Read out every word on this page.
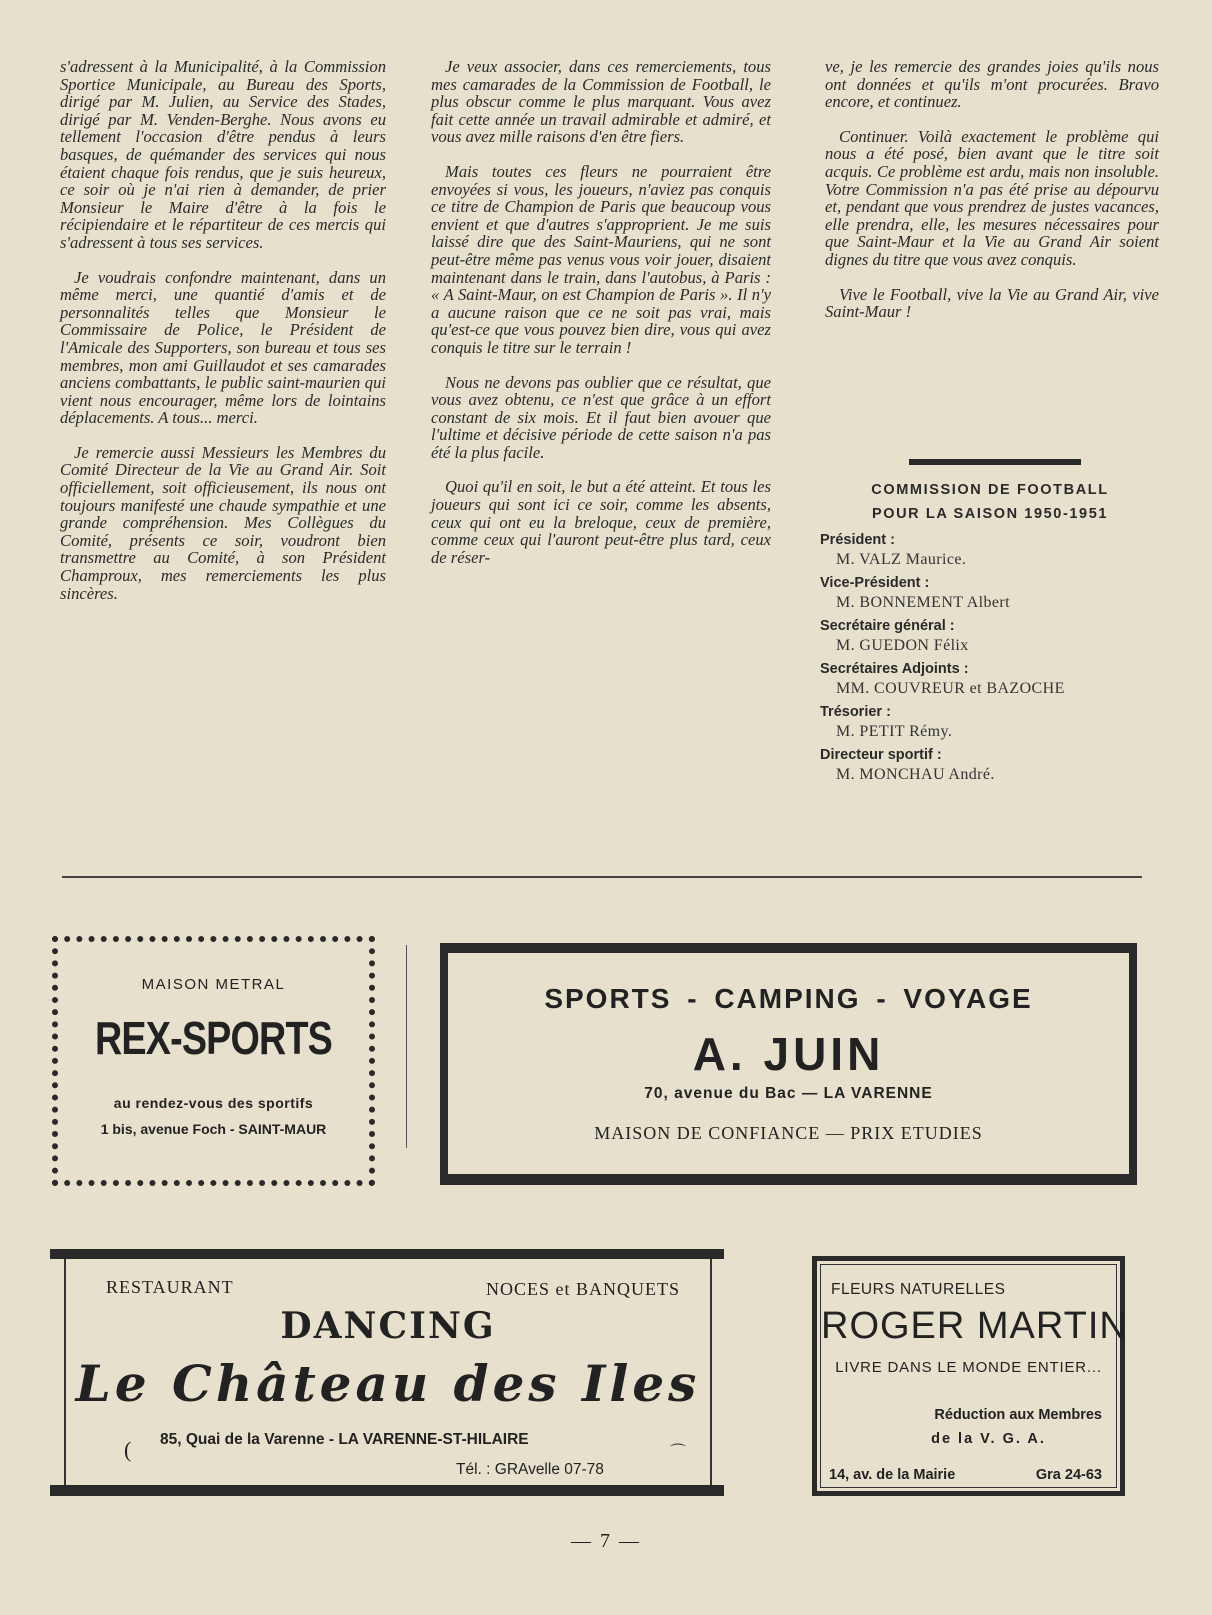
s'adressent à la Municipalité, à la Commission Sportice Municipale, au Bureau des Sports, dirigé par M. Julien, au Service des Stades, dirigé par M. Venden-Berghe. Nous avons eu tellement l'occasion d'être pendus à leurs basques, de quémander des services qui nous étaient chaque fois rendus, que je suis heureux, ce soir où je n'ai rien à demander, de prier Monsieur le Maire d'être à la fois le récipiendaire et le répartiteur de ces mercis qui s'adressent à tous ses services.

Je voudrais confondre maintenant, dans un même merci, une quantié d'amis et de personnalités telles que Monsieur le Commissaire de Police, le Président de l'Amicale des Supporters, son bureau et tous ses membres, mon ami Guillaudot et ses camarades anciens combattants, le public saint-maurien qui vient nous encourager, même lors de lointains déplacements. A tous... merci.

Je remercie aussi Messieurs les Membres du Comité Directeur de la Vie au Grand Air. Soit officiellement, soit officieusement, ils nous ont toujours manifesté une chaude sympathie et une grande compréhension. Mes Collègues du Comité, présents ce soir, voudront bien transmettre au Comité, à son Président Champroux, mes remerciements les plus sincères.

Je veux associer, dans ces remerciements, tous mes camarades de la Commission de Football, le plus obscur comme le plus marquant. Vous avez fait cette année un travail admirable et admiré, et vous avez mille raisons d'en être fiers.

Mais toutes ces fleurs ne pourraient être envoyées si vous, les joueurs, n'aviez pas conquis ce titre de Champion de Paris que beaucoup vous envient et que d'autres s'approprient. Je me suis laissé dire que des Saint-Mauriens, qui ne sont peut-être même pas venus vous voir jouer, disaient maintenant dans le train, dans l'autobus, à Paris : « A Saint-Maur, on est Champion de Paris ». Il n'y a aucune raison que ce ne soit pas vrai, mais qu'est-ce que vous pouvez bien dire, vous qui avez conquis le titre sur le terrain !

Nous ne devons pas oublier que ce résultat, que vous avez obtenu, ce n'est que grâce à un effort constant de six mois. Et il faut bien avouer que l'ultime et décisive période de cette saison n'a pas été la plus facile.

Quoi qu'il en soit, le but a été atteint. Et tous les joueurs qui sont ici ce soir, comme les absents, ceux qui ont eu la breloque, ceux de première, comme ceux qui l'auront peut-être plus tard, ceux de réser-

ve, je les remercie des grandes joies qu'ils nous ont données et qu'ils m'ont procurées. Bravo encore, et continuez.

Continuer. Voilà exactement le problème qui nous a été posé, bien avant que le titre soit acquis. Ce problème est ardu, mais non insoluble. Votre Commission n'a pas été prise au dépourvu et, pendant que vous prendrez de justes vacances, elle prendra, elle, les mesures nécessaires pour que Saint-Maur et la Vie au Grand Air soient dignes du titre que vous avez conquis.

Vive le Football, vive la Vie au Grand Air, vive Saint-Maur !

COMMISSION DE FOOTBALL
POUR LA SAISON 1950-1951
Président :
M. VALZ Maurice.
Vice-Président :
M. BONNEMENT Albert
Secrétaire général :
M. GUEDON Félix
Secrétaires Adjoints :
MM. COUVREUR et BAZOCHE
Trésorier :
M. PETIT Rémy.
Directeur sportif :
M. MONCHAU André.
MAISON METRAL
REX-SPORTS
au rendez-vous des sportifs
1 bis, avenue Foch - SAINT-MAUR
SPORTS - CAMPING - VOYAGE
A. JUIN
70, avenue du Bac — LA VARENNE
MAISON DE CONFIANCE — PRIX ETUDIES
RESTAURANT	NOCES et BANQUETS
DANCING
Le Château des Iles
( 85, Quai de la Varenne - LA VARENNE-ST-HILAIRE
⌒
Tél. : GRAvelle 07-78
FLEURS NATURELLES
ROGER MARTIN
LIVRE DANS LE MONDE ENTIER...
Réduction aux Membres
de la V. G. A.
14, av. de la Mairie	Gra 24-63
— 7 —
